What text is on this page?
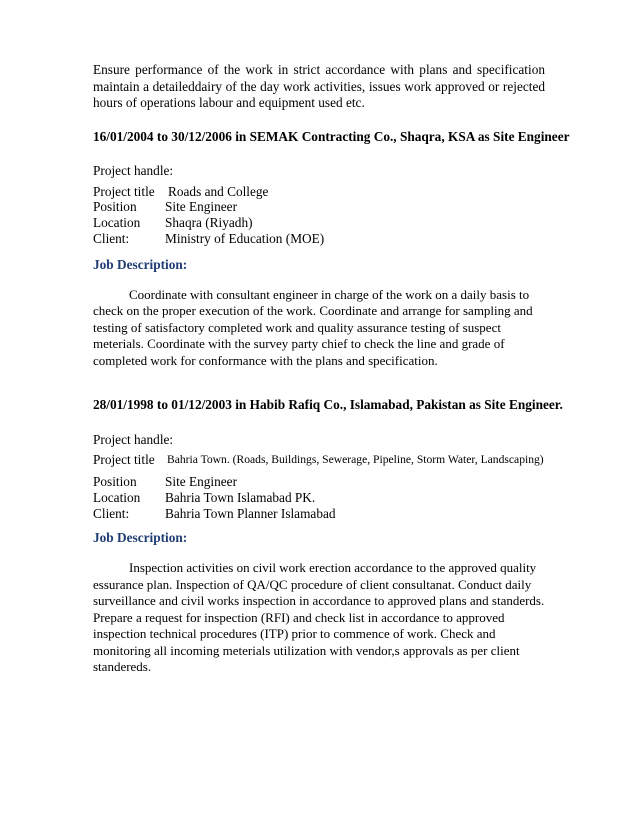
Ensure performance of the work in strict accordance with plans and specification maintain a detaileddairy of the day work activities, issues work approved or rejected hours of operations labour and equipment used etc.

16/01/2004 to 30/12/2006 in SEMAK Contracting Co., Shaqra, KSA as Site Engineer

Project handle:

Project title	Roads and College
Position	Site Engineer
Location	Shaqra (Riyadh)
Client:	Ministry of Education (MOE)

Job Description:

Coordinate with consultant engineer in charge of the work on a daily basis to check on the proper execution of the work. Coordinate and arrange for sampling and testing of satisfactory completed work and quality assurance testing of suspect meterials. Coordinate with the survey party chief to check the line and grade of completed work for conformance with the plans and specification.

28/01/1998 to 01/12/2003 in Habib Rafiq Co., Islamabad, Pakistan as Site Engineer.

Project handle:

Project title	Bahria Town. (Roads, Buildings, Sewerage, Pipeline, Storm Water, Landscaping)
Position	Site Engineer
Location	Bahria Town Islamabad PK.
Client:	Bahria Town Planner Islamabad

Job Description:

Inspection activities on civil work erection accordance to the approved quality essurance plan. Inspection of QA/QC procedure of client consultanat. Conduct daily surveillance and civil works inspection in accordance to approved plans and standerds. Prepare a request for inspection (RFI) and check list in accordance to approved inspection technical procedures (ITP) prior to commence of work. Check and monitoring all incoming meterials utilization with vendor,s approvals as per client standereds.
